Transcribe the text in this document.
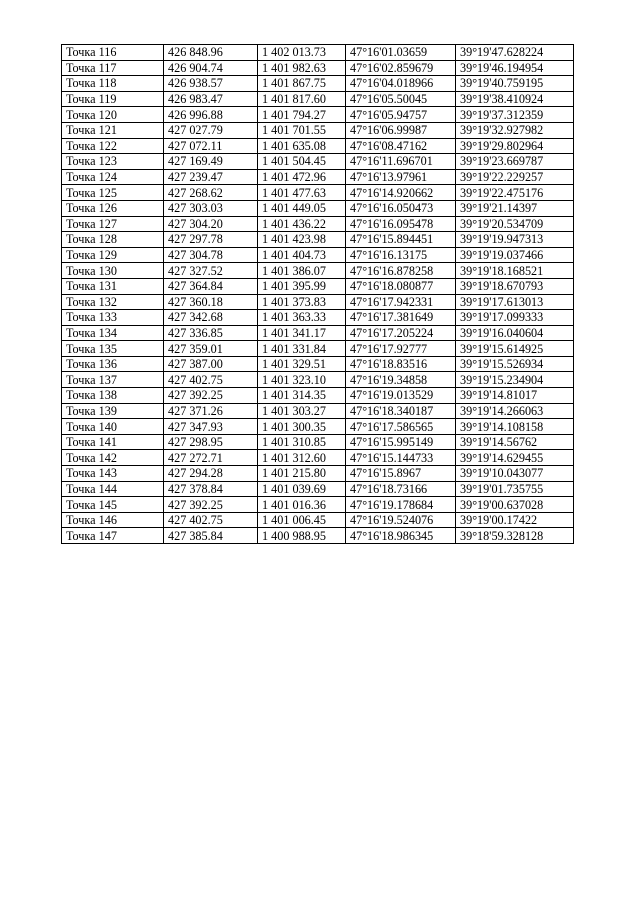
Точка 116	426 848.96	1 402 013.73	47°16'01.03659	39°19'47.628224
Точка 117	426 904.74	1 401 982.63	47°16'02.859679	39°19'46.194954
Точка 118	426 938.57	1 401 867.75	47°16'04.018966	39°19'40.759195
Точка 119	426 983.47	1 401 817.60	47°16'05.50045	39°19'38.410924
Точка 120	426 996.88	1 401 794.27	47°16'05.94757	39°19'37.312359
Точка 121	427 027.79	1 401 701.55	47°16'06.99987	39°19'32.927982
Точка 122	427 072.11	1 401 635.08	47°16'08.47162	39°19'29.802964
Точка 123	427 169.49	1 401 504.45	47°16'11.696701	39°19'23.669787
Точка 124	427 239.47	1 401 472.96	47°16'13.97961	39°19'22.229257
Точка 125	427 268.62	1 401 477.63	47°16'14.920662	39°19'22.475176
Точка 126	427 303.03	1 401 449.05	47°16'16.050473	39°19'21.14397
Точка 127	427 304.20	1 401 436.22	47°16'16.095478	39°19'20.534709
Точка 128	427 297.78	1 401 423.98	47°16'15.894451	39°19'19.947313
Точка 129	427 304.78	1 401 404.73	47°16'16.13175	39°19'19.037466
Точка 130	427 327.52	1 401 386.07	47°16'16.878258	39°19'18.168521
Точка 131	427 364.84	1 401 395.99	47°16'18.080877	39°19'18.670793
Точка 132	427 360.18	1 401 373.83	47°16'17.942331	39°19'17.613013
Точка 133	427 342.68	1 401 363.33	47°16'17.381649	39°19'17.099333
Точка 134	427 336.85	1 401 341.17	47°16'17.205224	39°19'16.040604
Точка 135	427 359.01	1 401 331.84	47°16'17.92777	39°19'15.614925
Точка 136	427 387.00	1 401 329.51	47°16'18.83516	39°19'15.526934
Точка 137	427 402.75	1 401 323.10	47°16'19.34858	39°19'15.234904
Точка 138	427 392.25	1 401 314.35	47°16'19.013529	39°19'14.81017
Точка 139	427 371.26	1 401 303.27	47°16'18.340187	39°19'14.266063
Точка 140	427 347.93	1 401 300.35	47°16'17.586565	39°19'14.108158
Точка 141	427 298.95	1 401 310.85	47°16'15.995149	39°19'14.56762
Точка 142	427 272.71	1 401 312.60	47°16'15.144733	39°19'14.629455
Точка 143	427 294.28	1 401 215.80	47°16'15.8967	39°19'10.043077
Точка 144	427 378.84	1 401 039.69	47°16'18.73166	39°19'01.735755
Точка 145	427 392.25	1 401 016.36	47°16'19.178684	39°19'00.637028
Точка 146	427 402.75	1 401 006.45	47°16'19.524076	39°19'00.17422
Точка 147	427 385.84	1 400 988.95	47°16'18.986345	39°18'59.328128
